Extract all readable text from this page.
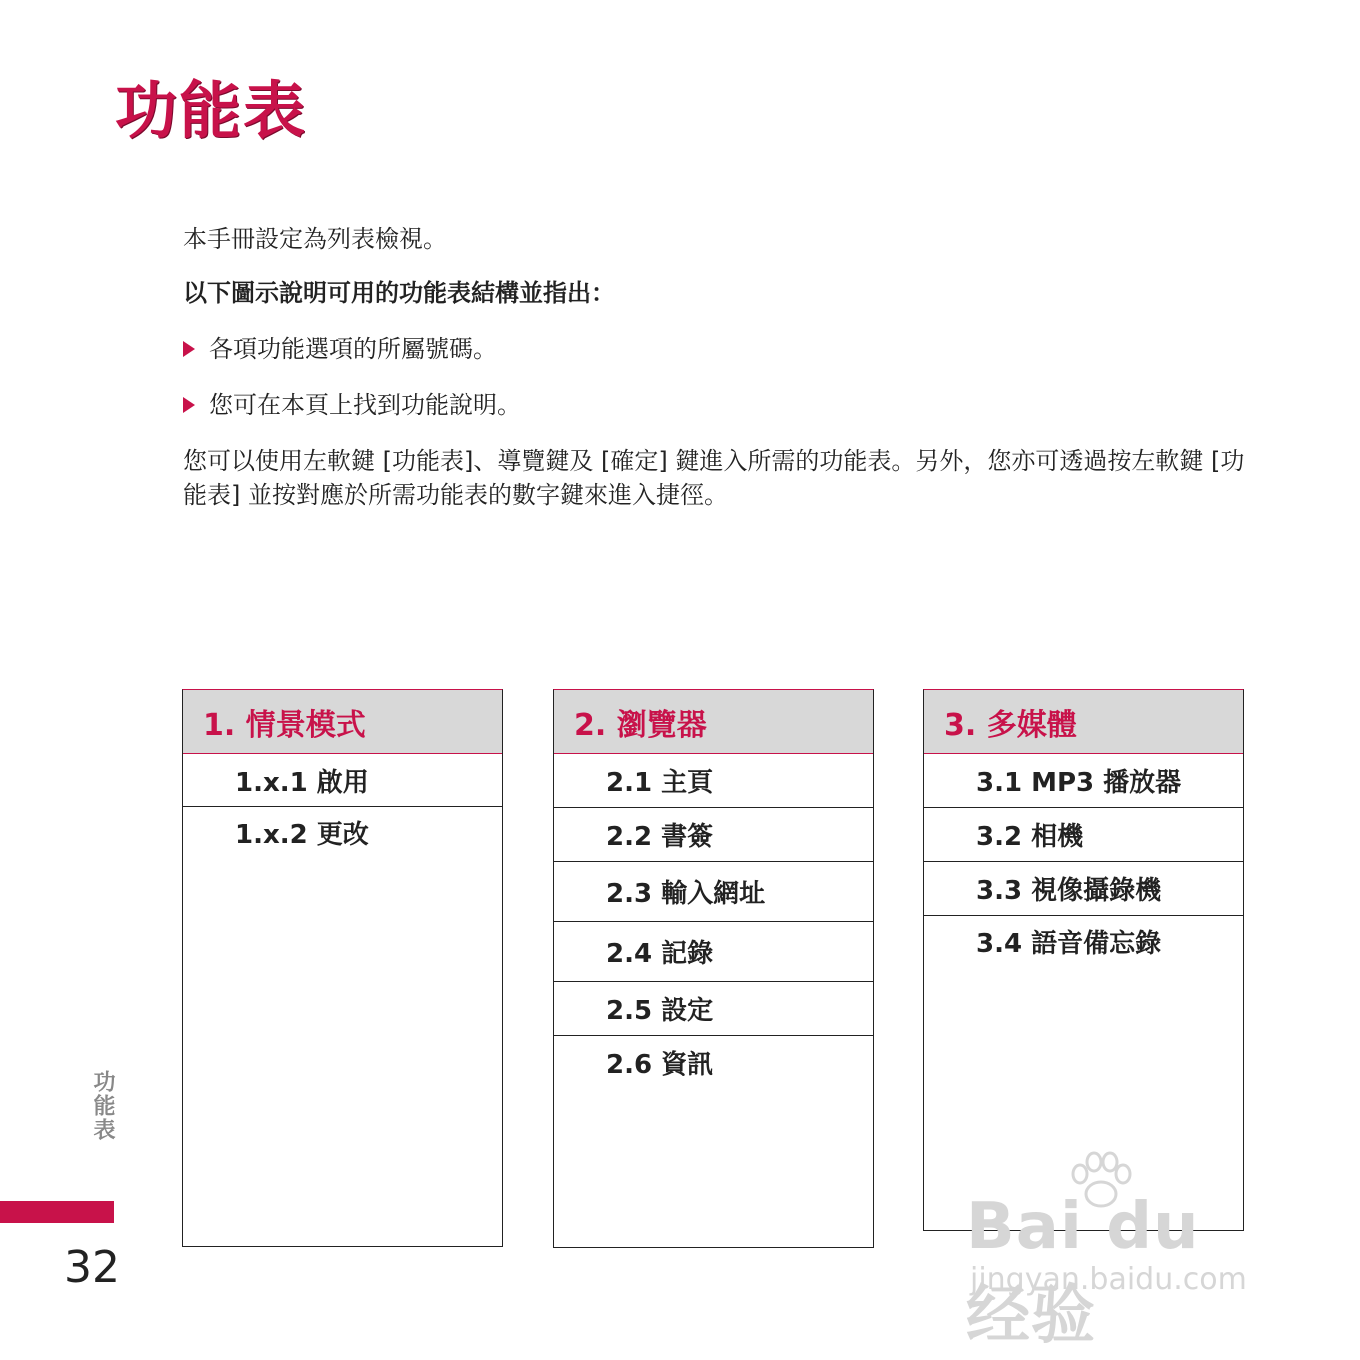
功能表

本手冊設定為列表檢視。

以下圖示說明可用的功能表結構並指出：

各項功能選項的所屬號碼。
您可在本頁上找到功能說明。

您可以使用左軟鍵 [功能表]、導覽鍵及 [確定] 鍵進入所需的功能表。另外，您亦可透過按左軟鍵 [功能表] 並按對應於所需功能表的數字鍵來進入捷徑。

1. 情景模式
1.x.1 啟用
1.x.2 更改
2. 瀏覽器
2.1 主頁
2.2 書簽
2.3 輸入網址
2.4 記錄
2.5 設定
2.6 資訊
3. 多媒體
3.1 MP3 播放器
3.2 相機
3.3 視像攝錄機
3.4 語音備忘錄
功能表
32
Bai du 经验
jingyan.baidu.com
